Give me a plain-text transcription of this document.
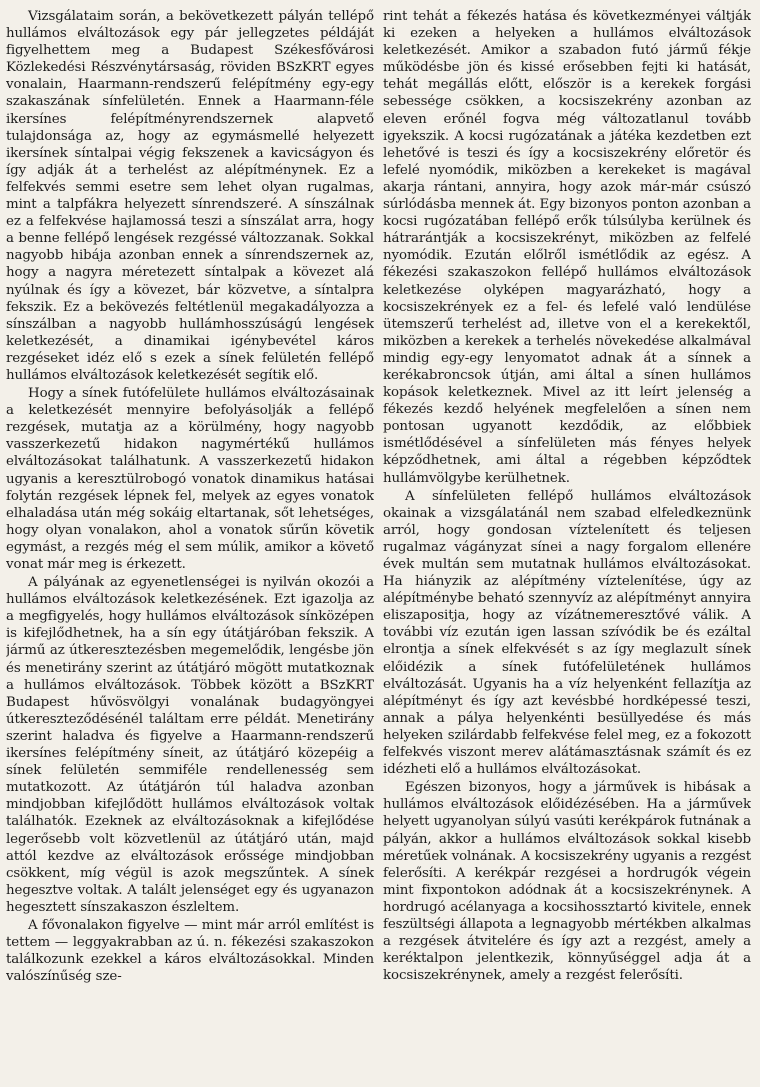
Vizsgálataim során, a bekövetkezett pályán tellépő hullámos elváltozások egy pár jellegzetes példáját figyelhettem meg a Budapest Székesfővárosi Közlekedési Részvénytársaság, röviden BSzKRT egyes vonalain, Haarmann-rendszerű felépítmény egy-egy szakaszának sínfelületén. Ennek a Haarmann-féle ikersínes felépítményrendszernek alapvető tulajdonsága az, hogy az egymásmellé helyezett ikersínek síntalpai végig fekszenek a kavicságyon és így adják át a terhelést az alépítménynek. Ez a felfekvés semmi esetre sem lehet olyan rugalmas, mint a talpfákra helyezett sínrendszeré. A sínszálnak ez a felfekvése hajlamossá teszi a sínszálat arra, hogy a benne fellépő lengések rezgéssé változzanak. Sokkal nagyobb hibája azonban ennek a sínrendszernek az, hogy a nagyra méretezett síntalpak a kövezet alá nyúlnak és így a kövezet, bár közvetve, a síntalpra fekszik. Ez a bekövezés feltétlenül megakadályozza a sínszálban a nagyobb hullámhosszúságú lengések keletkezését, a dinamikai igénybevétel káros rezgéseket idéz elő s ezek a sínek felületén fellépő hullámos elváltozások keletkezését segítik elő.

Hogy a sínek futófelülete hullámos elváltozásainak a keletkezését mennyire befolyásolják a fellépő rezgések, mutatja az a körülmény, hogy nagyobb vasszerkezetű hidakon nagymértékű hullámos elváltozásokat találhatunk. A vasszerkezetű hidakon ugyanis a keresztülrobogó vonatok dinamikus hatásai folytán rezgések lépnek fel, melyek az egyes vonatok elhaladása után még sokáig eltartanak, sőt lehetséges, hogy olyan vonalakon, ahol a vonatok sűrűn követik egymást, a rezgés még el sem múlik, amikor a követő vonat már meg is érkezett.

A pályának az egyenetlenségei is nyilván okozói a hullámos elváltozások keletkezésének. Ezt igazolja az a megfigyelés, hogy hullámos elváltozások sínközépen is kifejlődhetnek, ha a sín egy útátjáróban fekszik. A jármű az útkeresztezésben megemelődik, lengésbe jön és menetirány szerint az útátjáró mögött mutatkoznak a hullámos elváltozások. Többek között a BSzKRT Budapest hűvösvölgyi vonalának budagyöngyei útkereszteződésénél találtam erre példát. Menetirány szerint haladva és figyelve a Haarmann-rendszerű ikersínes felépítmény síneit, az útátjáró közepéig a sínek felületén semmiféle rendellenesség sem mutatkozott. Az útátjárón túl haladva azonban mindjobban kifejlődött hullámos elváltozások voltak találhatók. Ezeknek az elváltozásoknak a kifejlődése legerősebb volt közvetlenül az útátjáró után, majd attól kezdve az elváltozások erőssége mindjobban csökkent, míg végül is azok megszűntek. A sínek hegesztve voltak. A talált jelenséget egy és ugyanazon hegesztett sínszakaszon észleltem.

A fővonalakon figyelve — mint már arról említést is tettem — leggyakrabban az ú. n. fékezési szakaszokon találkozunk ezekkel a káros elváltozásokkal. Minden valószínűség sze-

rint tehát a fékezés hatása és következményei váltják ki ezeken a helyeken a hullámos elváltozások keletkezését. Amikor a szabadon futó jármű fékje működésbe jön és kissé erősebben fejti ki hatását, tehát megállás előtt, először is a kerekek forgási sebessége csökken, a kocsiszekrény azonban az eleven erőnél fogva még változatlanul tovább igyekszik. A kocsi rugózatának a játéka kezdetben ezt lehetővé is teszi és így a kocsiszekrény előretör és lefelé nyomódik, miközben a kerekeket is magával akarja rántani, annyira, hogy azok már-már csúszó súrlódásba mennek át. Egy bizonyos ponton azonban a kocsi rugózatában fellépő erők túlsúlyba kerülnek és hátrarántják a kocsiszekrényt, miközben az felfelé nyomódik. Ezután előlről ismétlődik az egész. A fékezési szakaszokon fellépő hullámos elváltozások keletkezése olyképen magyarázható, hogy a kocsiszekrények ez a fel- és lefelé való lendülése ütemszerű terhelést ad, illetve von el a kerekektől, miközben a kerekek a terhelés növekedése alkalmával mindig egy-egy lenyomatot adnak át a sínnek a kerékabroncsok útján, ami által a sínen hullámos kopások keletkeznek. Mivel az itt leírt jelenség a fékezés kezdő helyének megfelelően a sínen nem pontosan ugyanott kezdődik, az előbbiek ismétlődésével a sínfelületen más fényes helyek képződhetnek, ami által a régebben képződtek hullámvölgybe kerülhetnek.

A sínfelületen fellépő hullámos elváltozások okainak a vizsgálatánál nem szabad elfeledkeznünk arról, hogy gondosan víztelenített és teljesen rugalmaz vágányzat sínei a nagy forgalom ellenére évek multán sem mutatnak hullámos elváltozásokat. Ha hiányzik az alépítmény víztelenítése, úgy az alépítménybe beható szennyvíz az alépítményt annyira eliszapositja, hogy az vízátnemeresztővé válik. A további víz ezután igen lassan szívódik be és ezáltal elrontja a sínek elfekvését s az így meglazult sínek előidézik a sínek futófelületének hullámos elváltozását. Ugyanis ha a víz helyenként fellazítja az alépítményt és így azt kevésbbé hordképessé teszi, annak a pálya helyenkénti besüllyedése és más helyeken szilárdabb felfekvése felel meg, ez a fokozott felfekvés viszont merev alátámasztásnak számít és ez idézheti elő a hullámos elváltozásokat.

Egészen bizonyos, hogy a járművek is hibásak a hullámos elváltozások előidézésében. Ha a járművek helyett ugyanolyan súlyú vasúti kerékpárok futnának a pályán, akkor a hullámos elváltozások sokkal kisebb méretűek volnának. A kocsiszekrény ugyanis a rezgést felerősíti. A kerékpár rezgései a hordrugók végein mint fixpontokon adódnak át a kocsiszekrénynek. A hordrugó acélanyaga a kocsihossztartó kivitele, ennek feszültségi állapota a legnagyobb mértékben alkalmas a rezgések átvitelére és így azt a rezgést, amely a keréktalpon jelentkezik, könnyűséggel adja át a kocsiszekrénynek, amely a rezgést felerősíti.
